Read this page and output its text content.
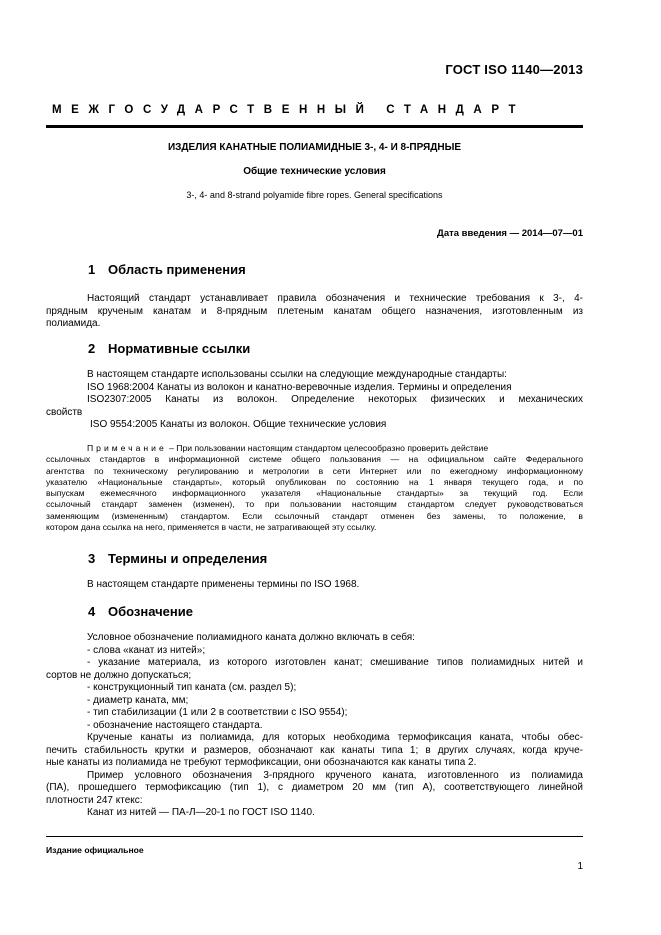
ГОСТ ISO 1140—2013
МЕЖГОСУДАРСТВЕННЫЙ СТАНДАРТ
ИЗДЕЛИЯ КАНАТНЫЕ ПОЛИАМИДНЫЕ 3-, 4- И 8-ПРЯДНЫЕ
Общие технические условия
3-, 4- and 8-strand polyamide fibre ropes. General specifications
Дата введения — 2014—07—01
1 Область применения
Настоящий стандарт устанавливает правила обозначения и технические требования к 3-, 4-
прядным крученым канатам и 8-прядным плетеным канатам общего назначения, изготовленным из
полиамида.
2 Нормативные ссылки
В настоящем стандарте использованы ссылки на следующие международные стандарты:
ISO 1968:2004 Канаты из волокон и канатно-веревочные изделия. Термины и определения
ISO2307:2005 Канаты из волокон. Определение некоторых физических и механических
свойств
ISO 9554:2005 Канаты из волокон. Общие технические условия
Примечание – При пользовании настоящим стандартом целесообразно проверить действие
ссылочных стандартов в информационной системе общего пользования — на официальном сайте Федерального
агентства по техническому регулированию и метрологии в сети Интернет или по ежегодному информационному
указателю «Национальные стандарты», который опубликован по состоянию на 1 января текущего года, и по
выпускам ежемесячного информационного указателя «Национальные стандарты» за текущий год. Если
ссылочный стандарт заменен (изменен), то при пользовании настоящим стандартом следует руководствоваться
заменяющим (измененным) стандартом. Если ссылочный стандарт отменен без замены, то положение, в
котором дана ссылка на него, применяется в части, не затрагивающей эту ссылку.
3 Термины и определения
В настоящем стандарте применены термины по ISO 1968.
4 Обозначение
Условное обозначение полиамидного каната должно включать в себя:
- слова «канат из нитей»;
- указание материала, из которого изготовлен канат; смешивание типов полиамидных нитей и
сортов не должно допускаться;
- конструкционный тип каната (см. раздел 5);
- диаметр каната, мм;
- тип стабилизации (1 или 2 в соответствии с ISO 9554);
- обозначение настоящего стандарта.
Крученые канаты из полиамида, для которых необходима термофиксация каната, чтобы обес-
печить стабильность крутки и размеров, обозначают как канаты типа 1; в других случаях, когда круче-
ные канаты из полиамида не требуют термофиксации, они обозначаются как канаты типа 2.
Пример условного обозначения 3-прядного крученого каната, изготовленного из полиамида
(ПА), прошедшего термофиксацию (тип 1), с диаметром 20 мм (тип А), соответствующего линейной
плотности 247 ктекс:
Канат из нитей — ПА-Л—20-1 по ГОСТ ISO 1140.
Издание официальное
1
